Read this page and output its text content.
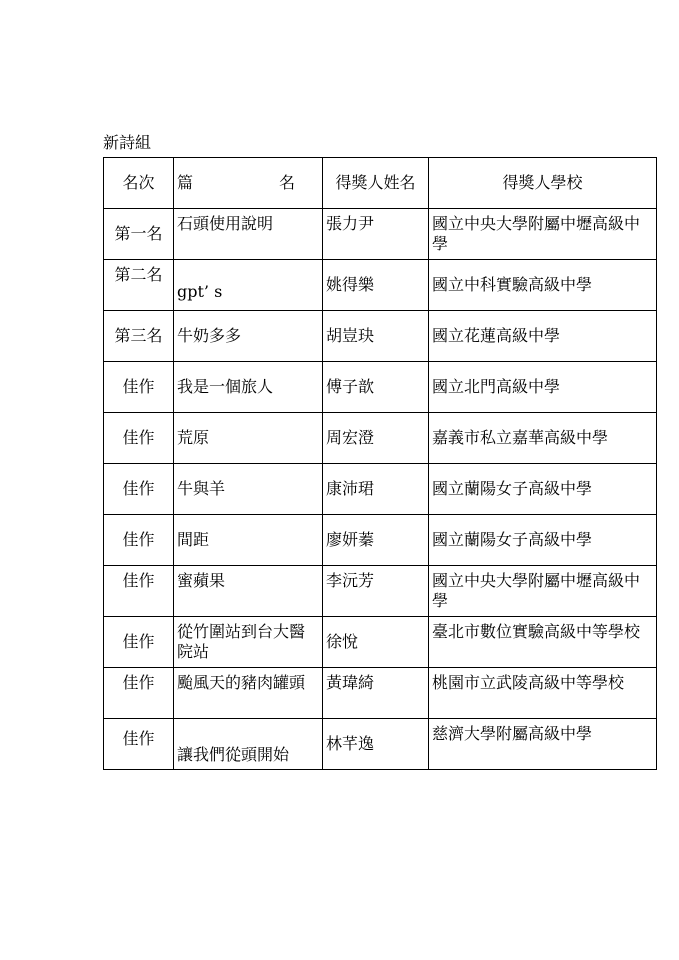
新詩組
名次	篇 名	得獎人姓名	得獎人學校
第一名	石頭使用說明	張力尹	國立中央大學附屬中壢高級中學
第二名	gpt’ s	姚得樂	國立中科實驗高級中學
第三名	牛奶多多	胡豈玦	國立花蓮高級中學
佳作	我是一個旅人	傅子歆	國立北門高級中學
佳作	荒原	周宏澄	嘉義市私立嘉華高級中學
佳作	牛與羊	康沛珺	國立蘭陽女子高級中學
佳作	間距	廖妍蓁	國立蘭陽女子高級中學
佳作	蜜蘋果	李沅芳	國立中央大學附屬中壢高級中學
佳作	從竹圍站到台大醫院站	徐悅	臺北市數位實驗高級中等學校
佳作	颱風天的豬肉罐頭	黃瑋綺	桃園市立武陵高級中等學校
佳作	讓我們從頭開始	林芊逸	慈濟大學附屬高級中學
